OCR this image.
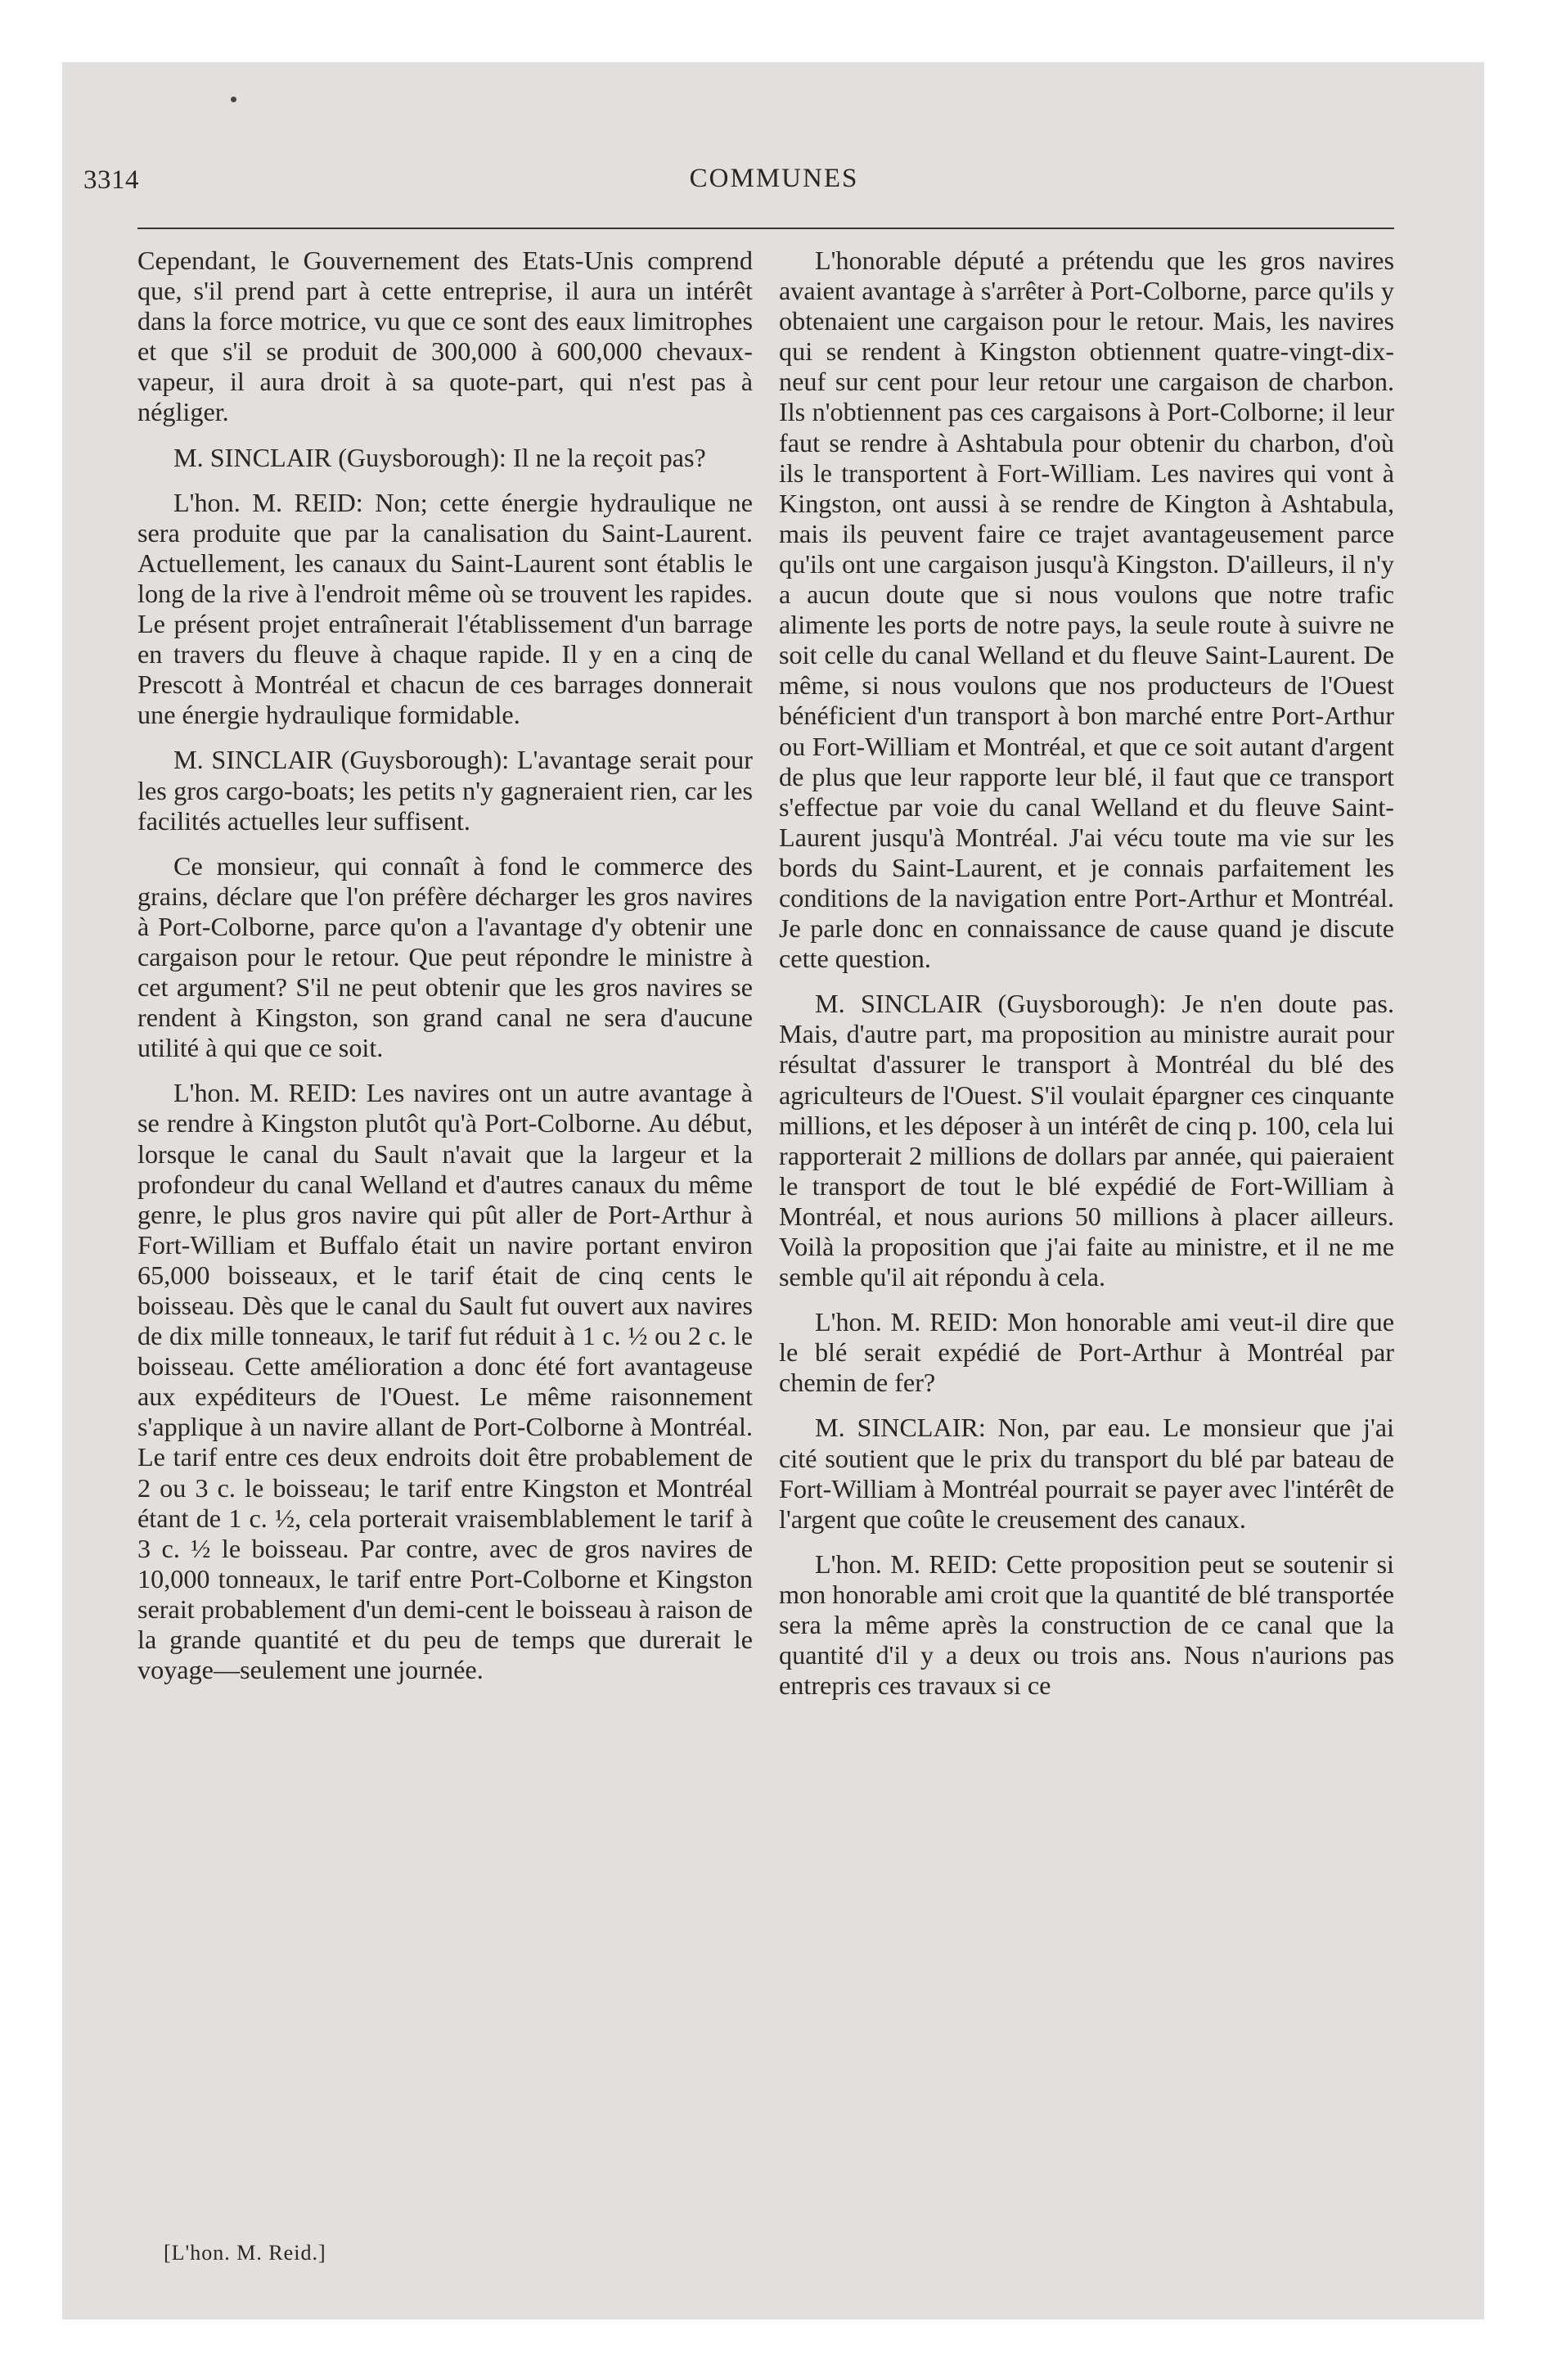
3314	COMMUNES

Cependant, le Gouvernement des Etats-Unis comprend que, s'il prend part à cette entreprise, il aura un intérêt dans la force motrice, vu que ce sont des eaux limitrophes et que s'il se produit de 300,000 à 600,000 chevaux-vapeur, il aura droit à sa quote-part, qui n'est pas à négliger.

M. SINCLAIR (Guysborough): Il ne la reçoit pas?

L'hon. M. REID: Non; cette énergie hydraulique ne sera produite que par la canalisation du Saint-Laurent. Actuellement, les canaux du Saint-Laurent sont établis le long de la rive à l'endroit même où se trouvent les rapides. Le présent projet entraînerait l'établissement d'un barrage en travers du fleuve à chaque rapide. Il y en a cinq de Prescott à Montréal et chacun de ces barrages donnerait une énergie hydraulique formidable.

M. SINCLAIR (Guysborough): L'avantage serait pour les gros cargo-boats; les petits n'y gagneraient rien, car les facilités actuelles leur suffisent.

Ce monsieur, qui connaît à fond le commerce des grains, déclare que l'on préfère décharger les gros navires à Port-Colborne, parce qu'on a l'avantage d'y obtenir une cargaison pour le retour. Que peut répondre le ministre à cet argument? S'il ne peut obtenir que les gros navires se rendent à Kingston, son grand canal ne sera d'aucune utilité à qui que ce soit.

L'hon. M. REID: Les navires ont un autre avantage à se rendre à Kingston plutôt qu'à Port-Colborne. Au début, lorsque le canal du Sault n'avait que la largeur et la profondeur du canal Welland et d'autres canaux du même genre, le plus gros navire qui pût aller de Port-Arthur à Fort-William et Buffalo était un navire portant environ 65,000 boisseaux, et le tarif était de cinq cents le boisseau. Dès que le canal du Sault fut ouvert aux navires de dix mille tonneaux, le tarif fut réduit à 1 c. ½ ou 2 c. le boisseau. Cette amélioration a donc été fort avantageuse aux expéditeurs de l'Ouest. Le même raisonnement s'applique à un navire allant de Port-Colborne à Montréal. Le tarif entre ces deux endroits doit être probablement de 2 ou 3 c. le boisseau; le tarif entre Kingston et Montréal étant de 1 c. ½, cela porterait vraisemblablement le tarif à 3 c. ½ le boisseau. Par contre, avec de gros navires de 10,000 tonneaux, le tarif entre Port-Colborne et Kingston serait probablement d'un demi-cent le boisseau à raison de la grande quantité et du peu de temps que durerait le voyage—seulement une journée.

L'honorable député a prétendu que les gros navires avaient avantage à s'arrêter à Port-Colborne, parce qu'ils y obtenaient une cargaison pour le retour. Mais, les navires qui se rendent à Kingston obtiennent quatre-vingt-dix-neuf sur cent pour leur retour une cargaison de charbon. Ils n'obtiennent pas ces cargaisons à Port-Colborne; il leur faut se rendre à Ashtabula pour obtenir du charbon, d'où ils le transportent à Fort-William. Les navires qui vont à Kingston, ont aussi à se rendre de Kington à Ashtabula, mais ils peuvent faire ce trajet avantageusement parce qu'ils ont une cargaison jusqu'à Kingston. D'ailleurs, il n'y a aucun doute que si nous voulons que notre trafic alimente les ports de notre pays, la seule route à suivre ne soit celle du canal Welland et du fleuve Saint-Laurent. De même, si nous voulons que nos producteurs de l'Ouest bénéficient d'un transport à bon marché entre Port-Arthur ou Fort-William et Montréal, et que ce soit autant d'argent de plus que leur rapporte leur blé, il faut que ce transport s'effectue par voie du canal Welland et du fleuve Saint-Laurent jusqu'à Montréal. J'ai vécu toute ma vie sur les bords du Saint-Laurent, et je connais parfaitement les conditions de la navigation entre Port-Arthur et Montréal. Je parle donc en connaissance de cause quand je discute cette question.

M. SINCLAIR (Guysborough): Je n'en doute pas. Mais, d'autre part, ma proposition au ministre aurait pour résultat d'assurer le transport à Montréal du blé des agriculteurs de l'Ouest. S'il voulait épargner ces cinquante millions, et les déposer à un intérêt de cinq p. 100, cela lui rapporterait 2 millions de dollars par année, qui paieraient le transport de tout le blé expédié de Fort-William à Montréal, et nous aurions 50 millions à placer ailleurs. Voilà la proposition que j'ai faite au ministre, et il ne me semble qu'il ait répondu à cela.

L'hon. M. REID: Mon honorable ami veut-il dire que le blé serait expédié de Port-Arthur à Montréal par chemin de fer?

M. SINCLAIR: Non, par eau. Le monsieur que j'ai cité soutient que le prix du transport du blé par bateau de Fort-William à Montréal pourrait se payer avec l'intérêt de l'argent que coûte le creusement des canaux.

L'hon. M. REID: Cette proposition peut se soutenir si mon honorable ami croit que la quantité de blé transportée sera la même après la construction de ce canal que la quantité d'il y a deux ou trois ans. Nous n'aurions pas entrepris ces travaux si ce

[L'hon. M. Reid.]
